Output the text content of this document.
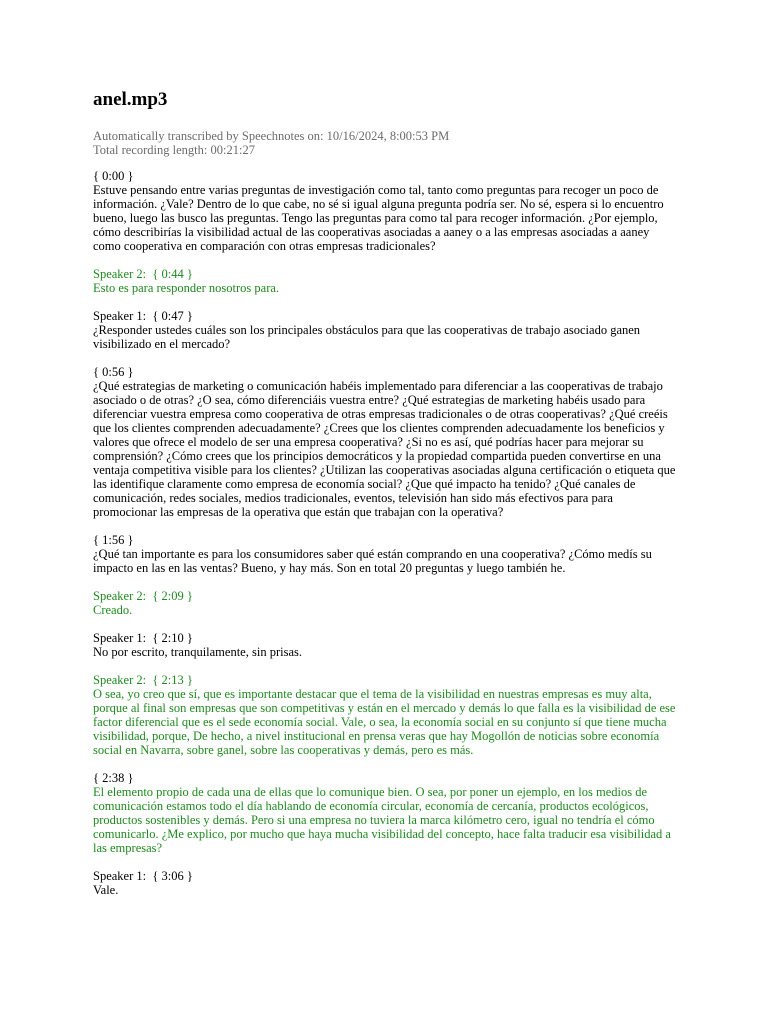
anel.mp3
Automatically transcribed by Speechnotes on: 10/16/2024, 8:00:53 PM
Total recording length: 00:21:27
{ 0:00 }
Estuve pensando entre varias preguntas de investigación como tal, tanto como preguntas para recoger un poco de información. ¿Vale? Dentro de lo que cabe, no sé si igual alguna pregunta podría ser. No sé, espera si lo encuentro bueno, luego las busco las preguntas. Tengo las preguntas para como tal para recoger información. ¿Por ejemplo, cómo describirías la visibilidad actual de las cooperativas asociadas a aaney o a las empresas asociadas a aaney como cooperativa en comparación con otras empresas tradicionales?
Speaker 2:  { 0:44 }
Esto es para responder nosotros para.
Speaker 1:  { 0:47 }
¿Responder ustedes cuáles son los principales obstáculos para que las cooperativas de trabajo asociado ganen visibilizado en el mercado?
{ 0:56 }
¿Qué estrategias de marketing o comunicación habéis implementado para diferenciar a las cooperativas de trabajo asociado o de otras? ¿O sea, cómo diferenciáis vuestra entre? ¿Qué estrategias de marketing habéis usado para diferenciar vuestra empresa como cooperativa de otras empresas tradicionales o de otras cooperativas? ¿Qué creéis que los clientes comprenden adecuadamente? ¿Crees que los clientes comprenden adecuadamente los beneficios y valores que ofrece el modelo de ser una empresa cooperativa? ¿Si no es así, qué podrías hacer para mejorar su comprensión? ¿Cómo crees que los principios democráticos y la propiedad compartida pueden convertirse en una ventaja competitiva visible para los clientes? ¿Utilizan las cooperativas asociadas alguna certificación o etiqueta que las identifique claramente como empresa de economía social? ¿Que qué impacto ha tenido? ¿Qué canales de comunicación, redes sociales, medios tradicionales, eventos, televisión han sido más efectivos para para promocionar las empresas de la operativa que están que trabajan con la operativa?
{ 1:56 }
¿Qué tan importante es para los consumidores saber qué están comprando en una cooperativa? ¿Cómo medís su impacto en las en las ventas? Bueno, y hay más. Son en total 20 preguntas y luego también he.
Speaker 2:  { 2:09 }
Creado.
Speaker 1:  { 2:10 }
No por escrito, tranquilamente, sin prisas.
Speaker 2:  { 2:13 }
O sea, yo creo que sí, que es importante destacar que el tema de la visibilidad en nuestras empresas es muy alta, porque al final son empresas que son competitivas y están en el mercado y demás lo que falla es la visibilidad de ese factor diferencial que es el sede economía social. Vale, o sea, la economía social en su conjunto sí que tiene mucha visibilidad, porque, De hecho, a nivel institucional en prensa veras que hay Mogollón de noticias sobre economía social en Navarra, sobre ganel, sobre las cooperativas y demás, pero es más.
{ 2:38 }
El elemento propio de cada una de ellas que lo comunique bien. O sea, por poner un ejemplo, en los medios de comunicación estamos todo el día hablando de economía circular, economía de cercanía, productos ecológicos, productos sostenibles y demás. Pero si una empresa no tuviera la marca kilómetro cero, igual no tendría el cómo comunicarlo. ¿Me explico, por mucho que haya mucha visibilidad del concepto, hace falta traducir esa visibilidad a las empresas?
Speaker 1:  { 3:06 }
Vale.
